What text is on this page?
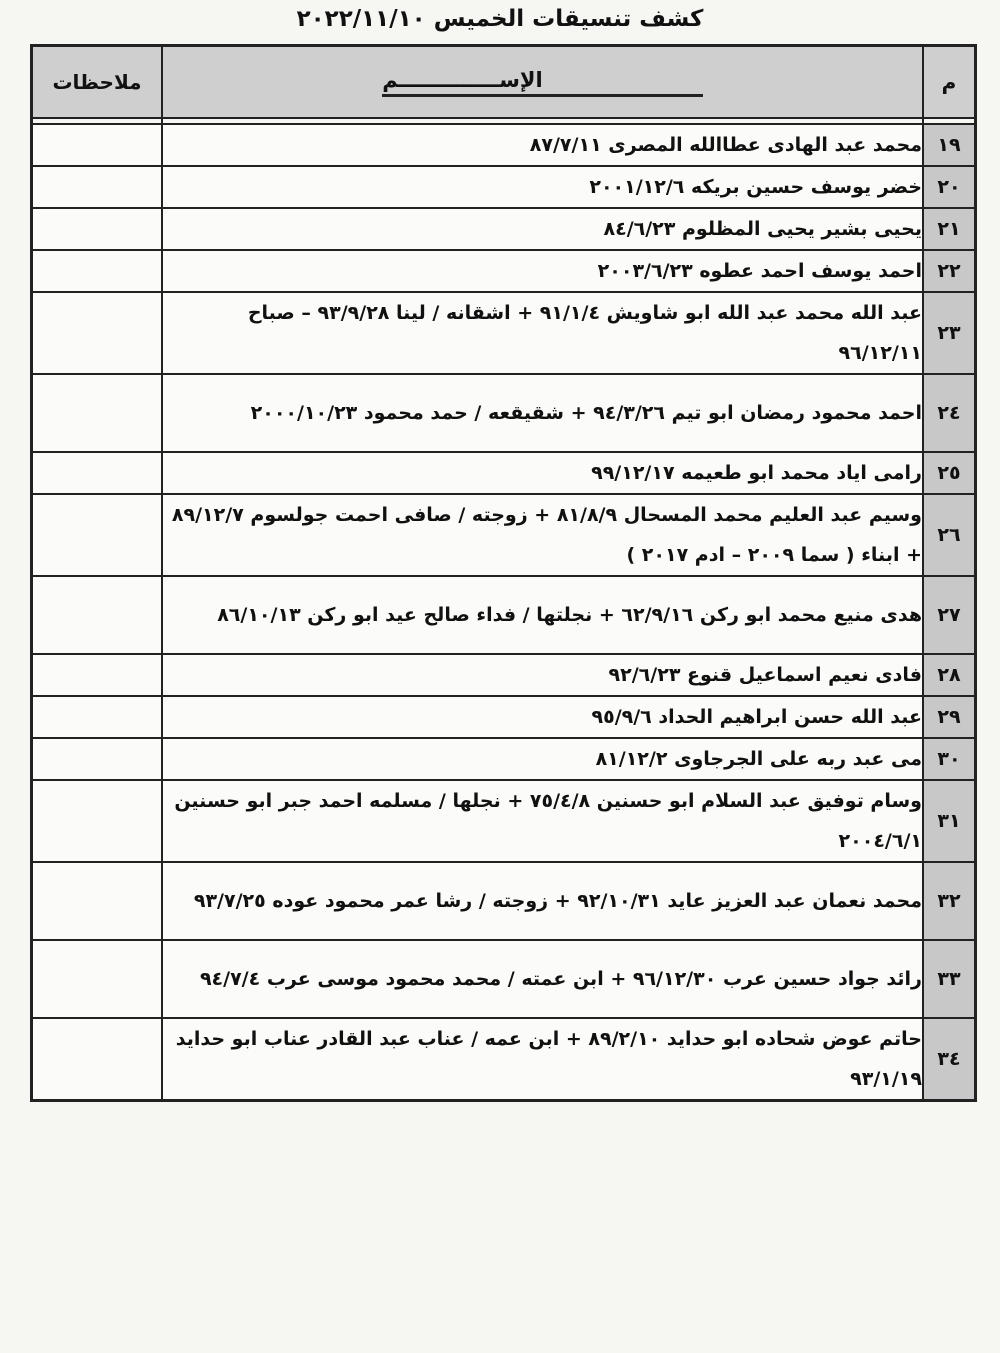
كشف تنسيقات الخميس ٢٠٢٢/١١/١٠
م	الإســــــــــــــم	ملاحظات

١٩	محمد عبد الهادى عطاالله المصرى ٨٧/٧/١١	
٢٠	خضر يوسف حسين بريكه ٢٠٠١/١٢/٦	
٢١	يحيى بشير يحيى المظلوم ٨٤/٦/٢٣	
٢٢	احمد يوسف احمد عطوه ٢٠٠٣/٦/٢٣	
٢٣	عبد الله محمد عبد الله ابو شاويش ٩١/١/٤ + اشقانه / لينا ٩٣/٩/٢٨ – صباح ٩٦/١٢/١١	
٢٤	احمد محمود رمضان ابو تيم ٩٤/٣/٢٦ + شقيقعه / حمد محمود ٢٠٠٠/١٠/٢٣	
٢٥	رامى اياد محمد ابو طعيمه ٩٩/١٢/١٧	
٢٦	وسيم عبد العليم محمد المسحال ٨١/٨/٩ + زوجته / صافى احمت جولسوم ٨٩/١٢/٧ + ابناء ( سما ٢٠٠٩ – ادم ٢٠١٧ )	
٢٧	هدى منيع محمد ابو ركن ٦٢/٩/١٦ + نجلتها / فداء صالح عيد ابو ركن ٨٦/١٠/١٣	
٢٨	فادى نعيم اسماعيل قنوع ٩٢/٦/٢٣	
٢٩	عبد الله حسن ابراهيم الحداد ٩٥/٩/٦	
٣٠	مى عبد ربه على الجرجاوى ٨١/١٢/٢	
٣١	وسام توفيق عبد السلام ابو حسنين ٧٥/٤/٨ + نجلها / مسلمه احمد جبر ابو حسنين ٢٠٠٤/٦/١	
٣٢	محمد نعمان عبد العزيز عايد ٩٢/١٠/٣١ + زوجته / رشا عمر محمود عوده ٩٣/٧/٢٥	
٣٣	رائد جواد حسين عرب ٩٦/١٢/٣٠ + ابن عمته / محمد محمود موسى عرب ٩٤/٧/٤	
٣٤	حاتم عوض شحاده ابو حدايد ٨٩/٢/١٠ + ابن عمه / عناب عبد القادر عناب ابو حدايد ٩٣/١/١٩	
